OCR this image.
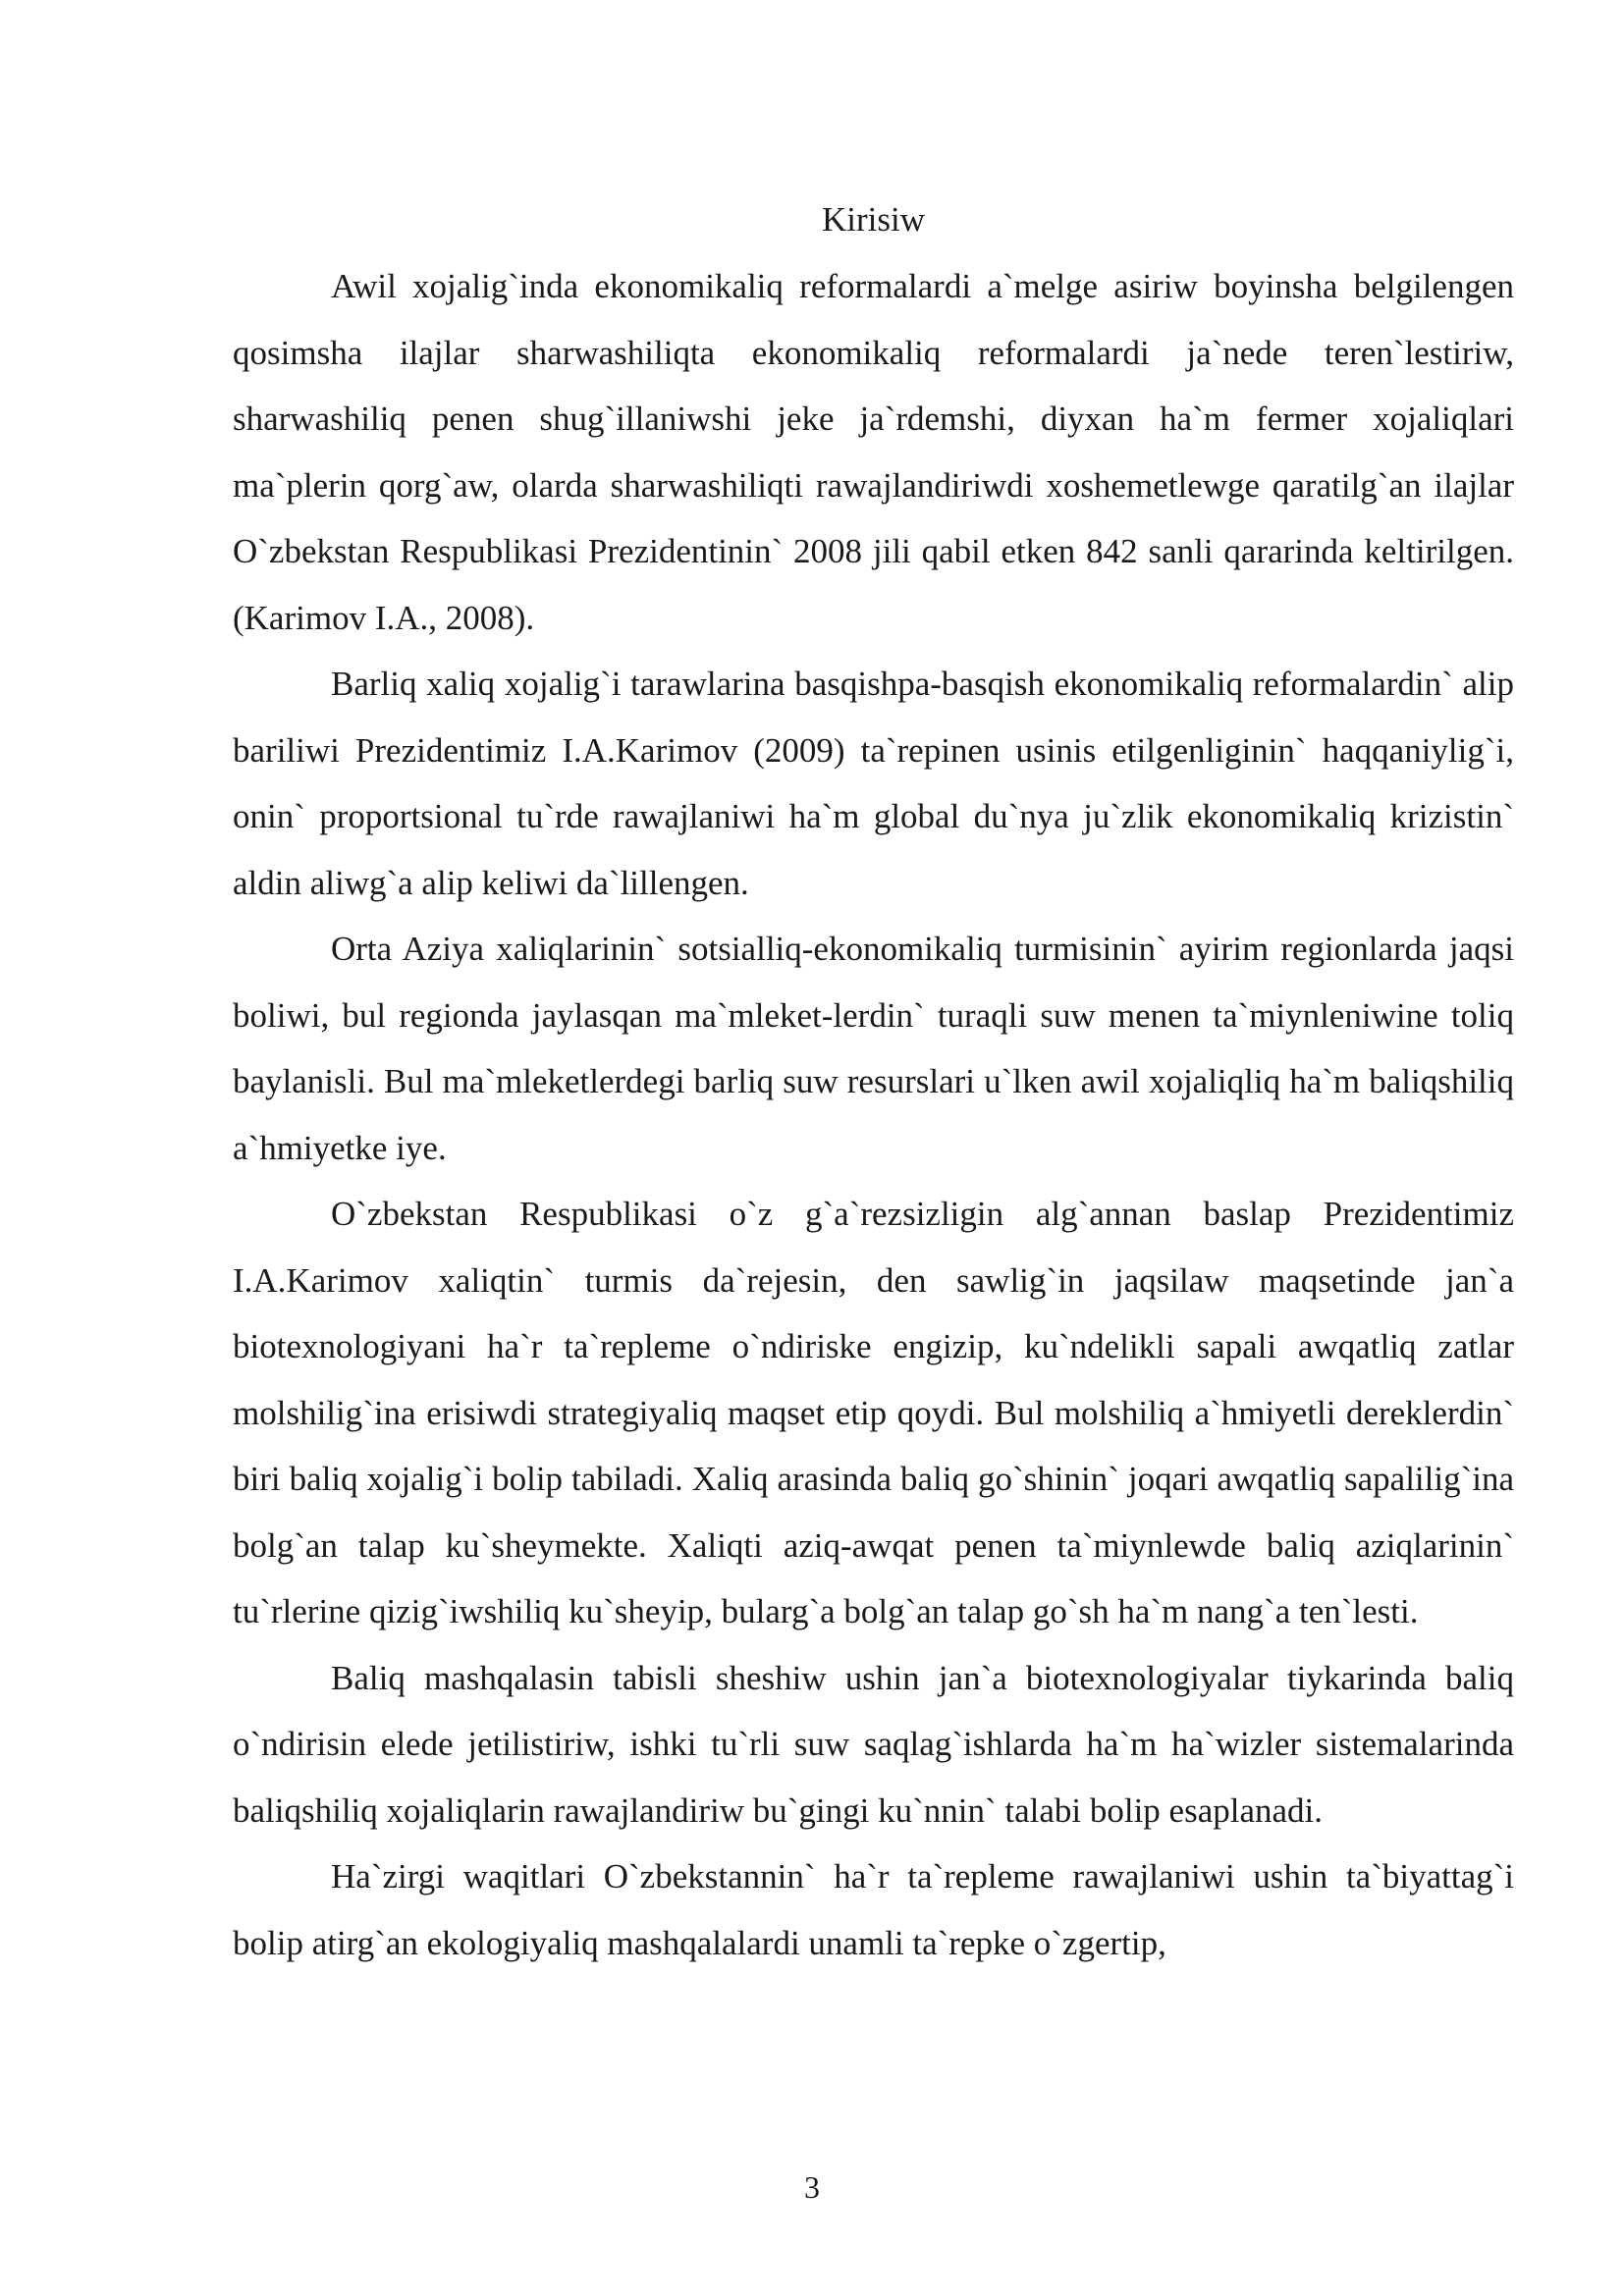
Kirisiw

Awil xojalig`inda ekonomikaliq reformalardi a`melge asiriw boyinsha belgilengen qosimsha ilajlar sharwashiliqta ekonomikaliq reformalardi ja`nede teren`lestiriw, sharwashiliq penen shug`illaniwshi jeke ja`rdemshi, diyxan ha`m fermer xojaliqlari ma`plerin qorg`aw, olarda sharwashiliqti rawajlandiriwdi xoshemetlewge qaratilg`an ilajlar O`zbekstan Respublikasi Prezidentinin` 2008 jili qabil etken 842 sanli qararinda keltirilgen. (Karimov I.A., 2008).

Barliq xaliq xojalig`i tarawlarina basqishpa-basqish ekonomikaliq reformalardin` alip bariliwi Prezidentimiz I.A.Karimov (2009) ta`repinen usinis etilgenliginin` haqqaniylig`i, onin` proportsional tu`rde rawajlaniwi ha`m global du`nya ju`zlik ekonomikaliq krizistin` aldin aliwg`a alip keliwi da`lillengen.

Orta Aziya xaliqlarinin` sotsialliq-ekonomikaliq turmisinin` ayirim regionlarda jaqsi boliwi, bul regionda jaylasqan ma`mleket-lerdin` turaqli suw menen ta`miynleniwine toliq baylanisli. Bul ma`mleketlerdegi barliq suw resurslari u`lken awil xojaliqliq ha`m baliqshiliq a`hmiyetke iye.

O`zbekstan Respublikasi o`z g`a`rezsizligin alg`annan baslap Prezidentimiz I.A.Karimov xaliqtin` turmis da`rejesin, den sawlig`in jaqsilaw maqsetinde jan`a biotexnologiyani ha`r ta`repleme o`ndiriske engizip, ku`ndelikli sapali awqatliq zatlar molshilig`ina erisiwdi strategiyaliq maqset etip qoydi. Bul molshiliq a`hmiyetli dereklerdin` biri baliq xojalig`i bolip tabiladi. Xaliq arasinda baliq go`shinin` joqari awqatliq sapalilig`ina bolg`an talap ku`sheymekte. Xaliqti aziq-awqat penen ta`miynlewde baliq aziqlarinin` tu`rlerine qizig`iwshiliq ku`sheyip, bularg`a bolg`an talap go`sh ha`m nang`a ten`lesti.

Baliq mashqalasin tabisli sheshiw ushin jan`a biotexnologiyalar tiykarinda baliq o`ndirisin elede jetilistiriw, ishki tu`rli suw saqlag`ishlarda ha`m ha`wizler sistemalarinda baliqshiliq xojaliqlarin rawajlandiriw bu`gingi ku`nnin` talabi bolip esaplanadi.

Ha`zirgi waqitlari O`zbekstannin` ha`r ta`repleme rawajlaniwi ushin ta`biyattag`i bolip atirg`an ekologiyaliq mashqalalardi unamli ta`repke o`zgertip,

3
